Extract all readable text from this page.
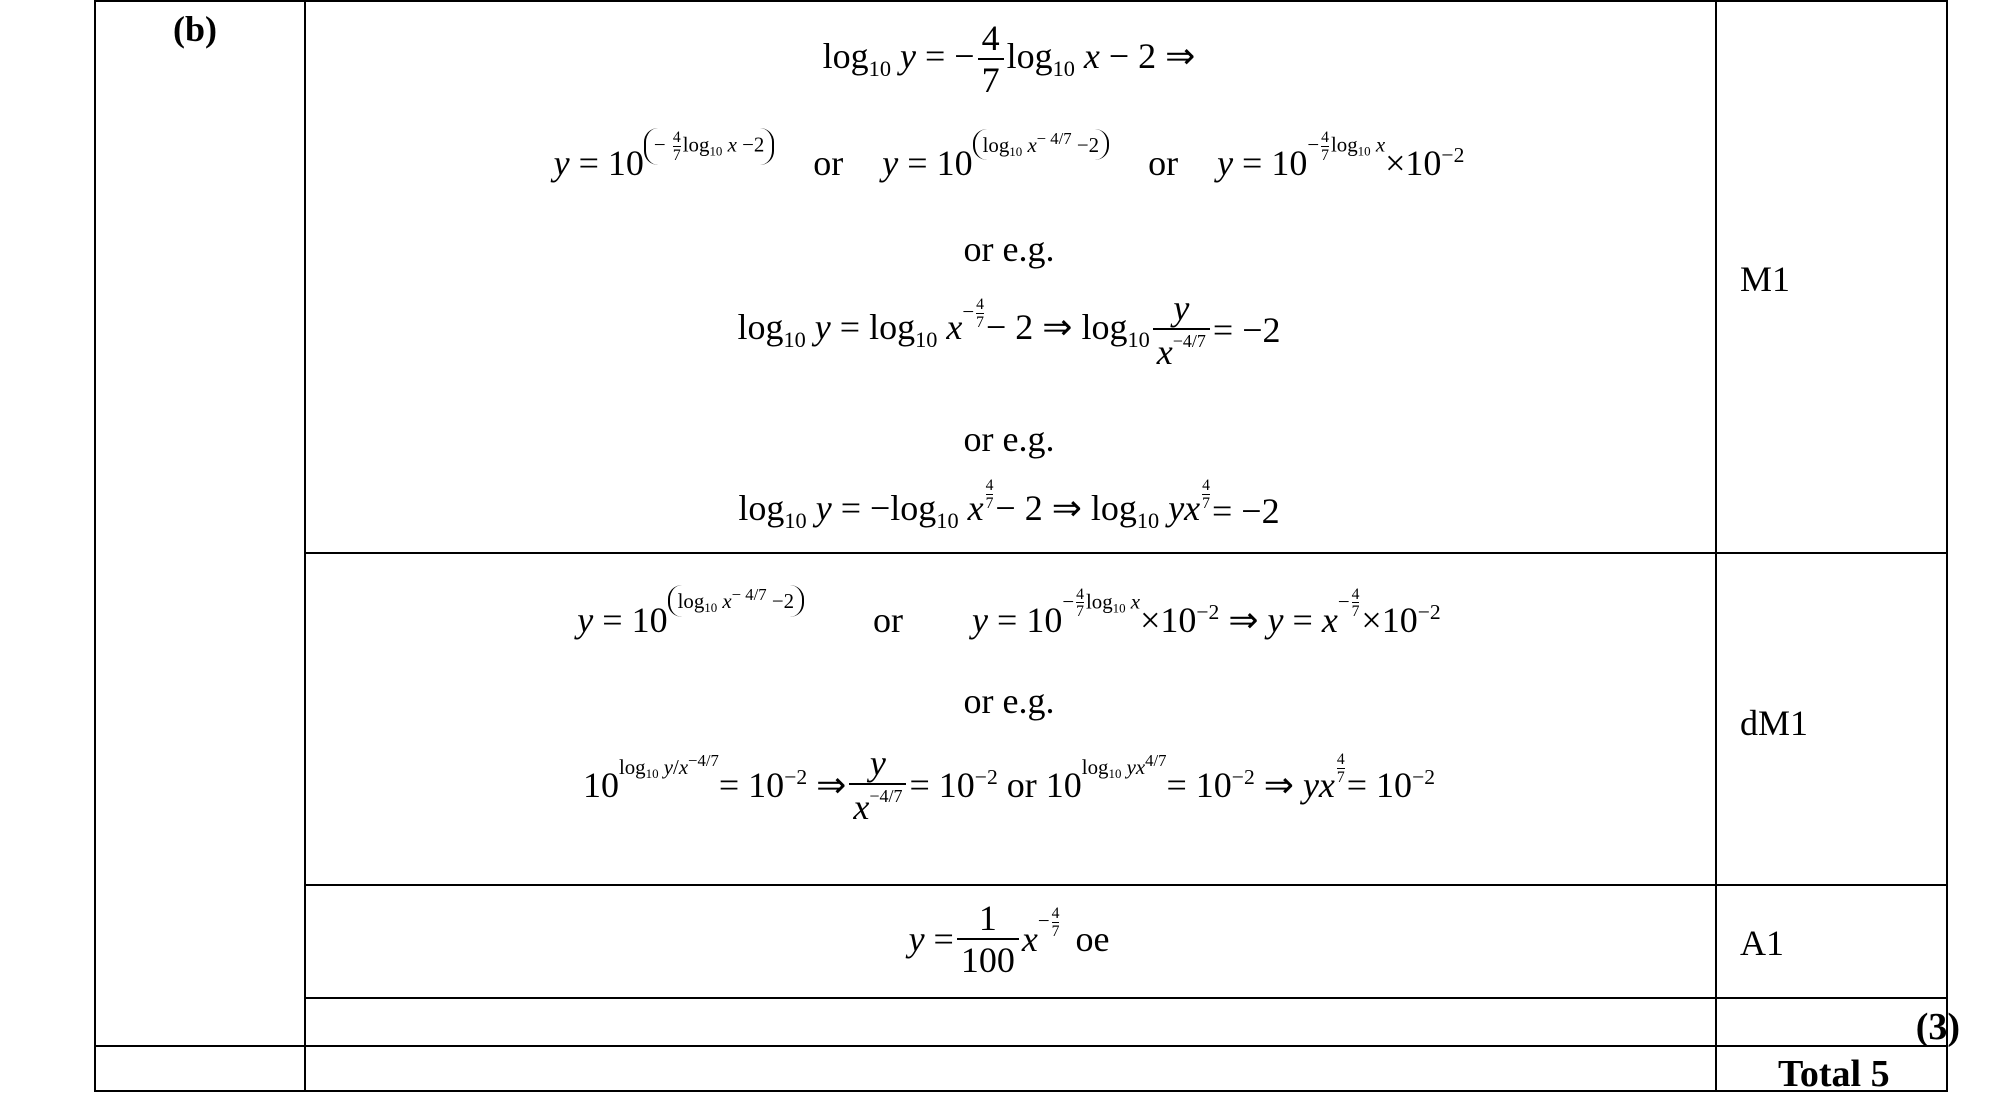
(b)
$\log_{10} y$ = − $\frac{4}{7} \log_{10} x - 2$ ⇒
$y = 10 - \frac{4}{7} \log_{10} x -2$ or y = 10 $\log_{10} x^{- 4/7} -2$ or $y = 10- \frac{4}{7} \log_{10} x\times 10^{-2}$
or e.g.
$\log_{10} y = \log_{10} x- \frac{4}{7} - 2$ ⇒ $\log_{10} \frac{y}{x-4/7} = -2$
or e.g.
$\log_{10} y = -\log_{10}$ x $\frac{4}{7} - 2$ ⇒ $\log_{10}$ yx $\frac{4}{7} = -2$
M1
y = 10 $\log_{10} x^{- 4/7} -2$ or $y = 10- \frac{4}{7} \log_{10} x\times 10^{-2}$ ⇒ $y = x- \frac{4}{7} \times 10^{-2}$
or e.g.
$10\log_{10}$ $y/x^{-4/7}= 10^{-2}$ ⇒ $\frac{y}{x-4/7} = 10^{-2}$ or $10\log_{10}$ $yx^{4/7}= 10^{-2}$ ⇒ yx $\frac{4}{7} = 10^{-2}$
dM1
$y = \frac{1}{100} x- \frac{4}{7}$ oe	A1
(3)
Total 5
